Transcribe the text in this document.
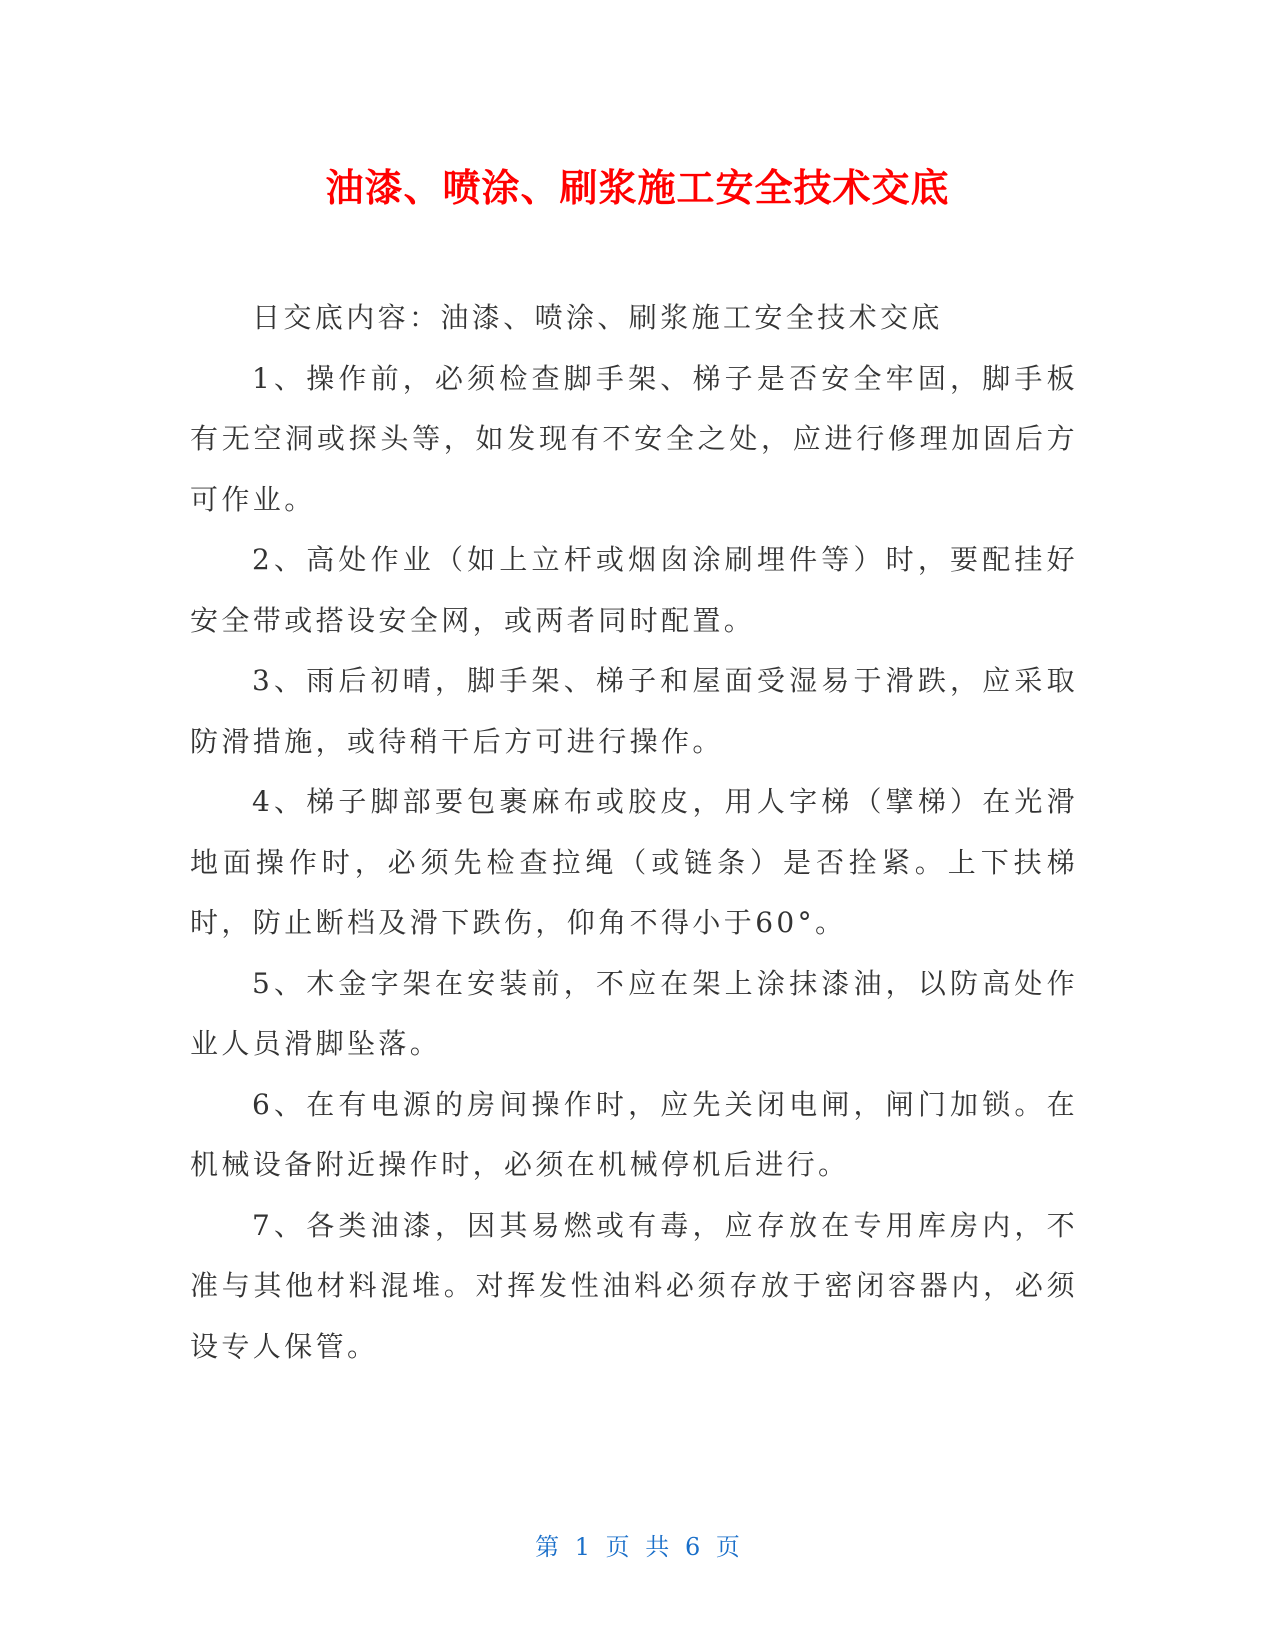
油漆、喷涂、刷浆施工安全技术交底

日交底内容：油漆、喷涂、刷浆施工安全技术交底

1、操作前，必须检查脚手架、梯子是否安全牢固，脚手板有无空洞或探头等，如发现有不安全之处，应进行修理加固后方可作业。

2、高处作业（如上立杆或烟囱涂刷埋件等）时，要配挂好安全带或搭设安全网，或两者同时配置。

3、雨后初晴，脚手架、梯子和屋面受湿易于滑跌，应采取防滑措施，或待稍干后方可进行操作。

4、梯子脚部要包裹麻布或胶皮，用人字梯（擘梯）在光滑地面操作时，必须先检查拉绳（或链条）是否拴紧。上下扶梯时，防止断档及滑下跌伤，仰角不得小于60°。

5、木金字架在安装前，不应在架上涂抹漆油，以防高处作业人员滑脚坠落。

6、在有电源的房间操作时，应先关闭电闸，闸门加锁。在机械设备附近操作时，必须在机械停机后进行。

7、各类油漆，因其易燃或有毒，应存放在专用库房内，不准与其他材料混堆。对挥发性油料必须存放于密闭容器内，必须设专人保管。

第 1 页 共 6 页
